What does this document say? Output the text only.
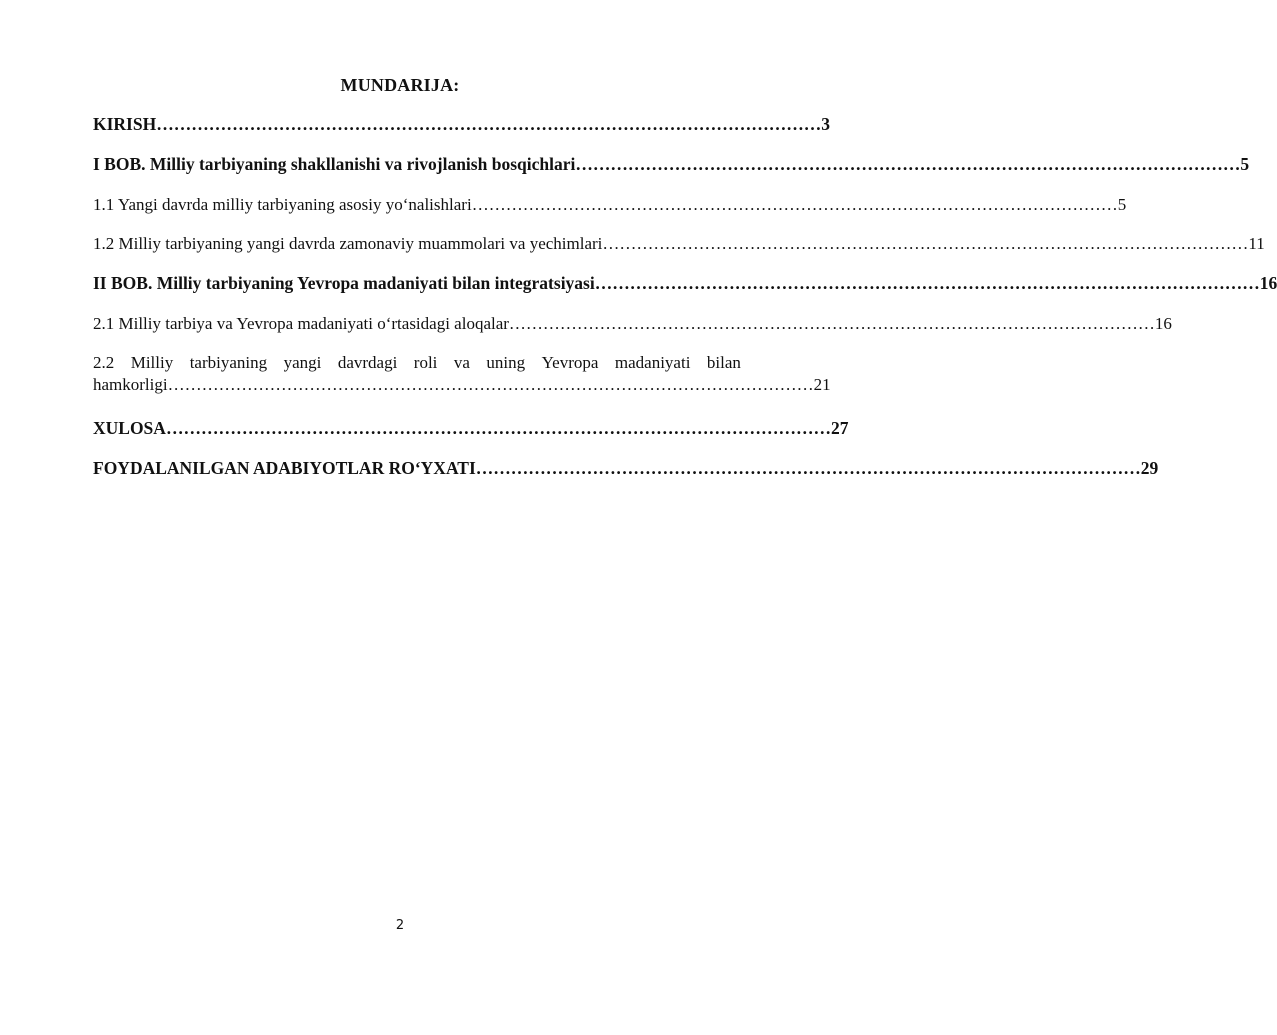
MUNDARIJA:
KIRISH …………………………………………………………………………………………………… 3
I BOB. Milliy tarbiyaning shakllanishi va rivojlanish bosqichlari …………………………………………………………………………………………………… 5
1.1 Yangi davrda milliy tarbiyaning asosiy yo‘nalishlari …………………………………………………………………………………………………… 5
1.2 Milliy tarbiyaning yangi davrda zamonaviy muammolari va yechimlari …………………………………………………………………………………………………… 11
II BOB. Milliy tarbiyaning Yevropa madaniyati bilan integratsiyasi …………………………………………………………………………………………………… 16
2.1 Milliy tarbiya va Yevropa madaniyati o‘rtasidagi aloqalar …………………………………………………………………………………………………… 16
2.2 Milliy tarbiyaning yangi davrdagi roli va uning Yevropa madaniyati bilan
hamkorligi …………………………………………………………………………………………………… 21
XULOSA …………………………………………………………………………………………………… 27
FOYDALANILGAN ADABIYOTLAR RO‘YXATI …………………………………………………………………………………………………… 29
2
